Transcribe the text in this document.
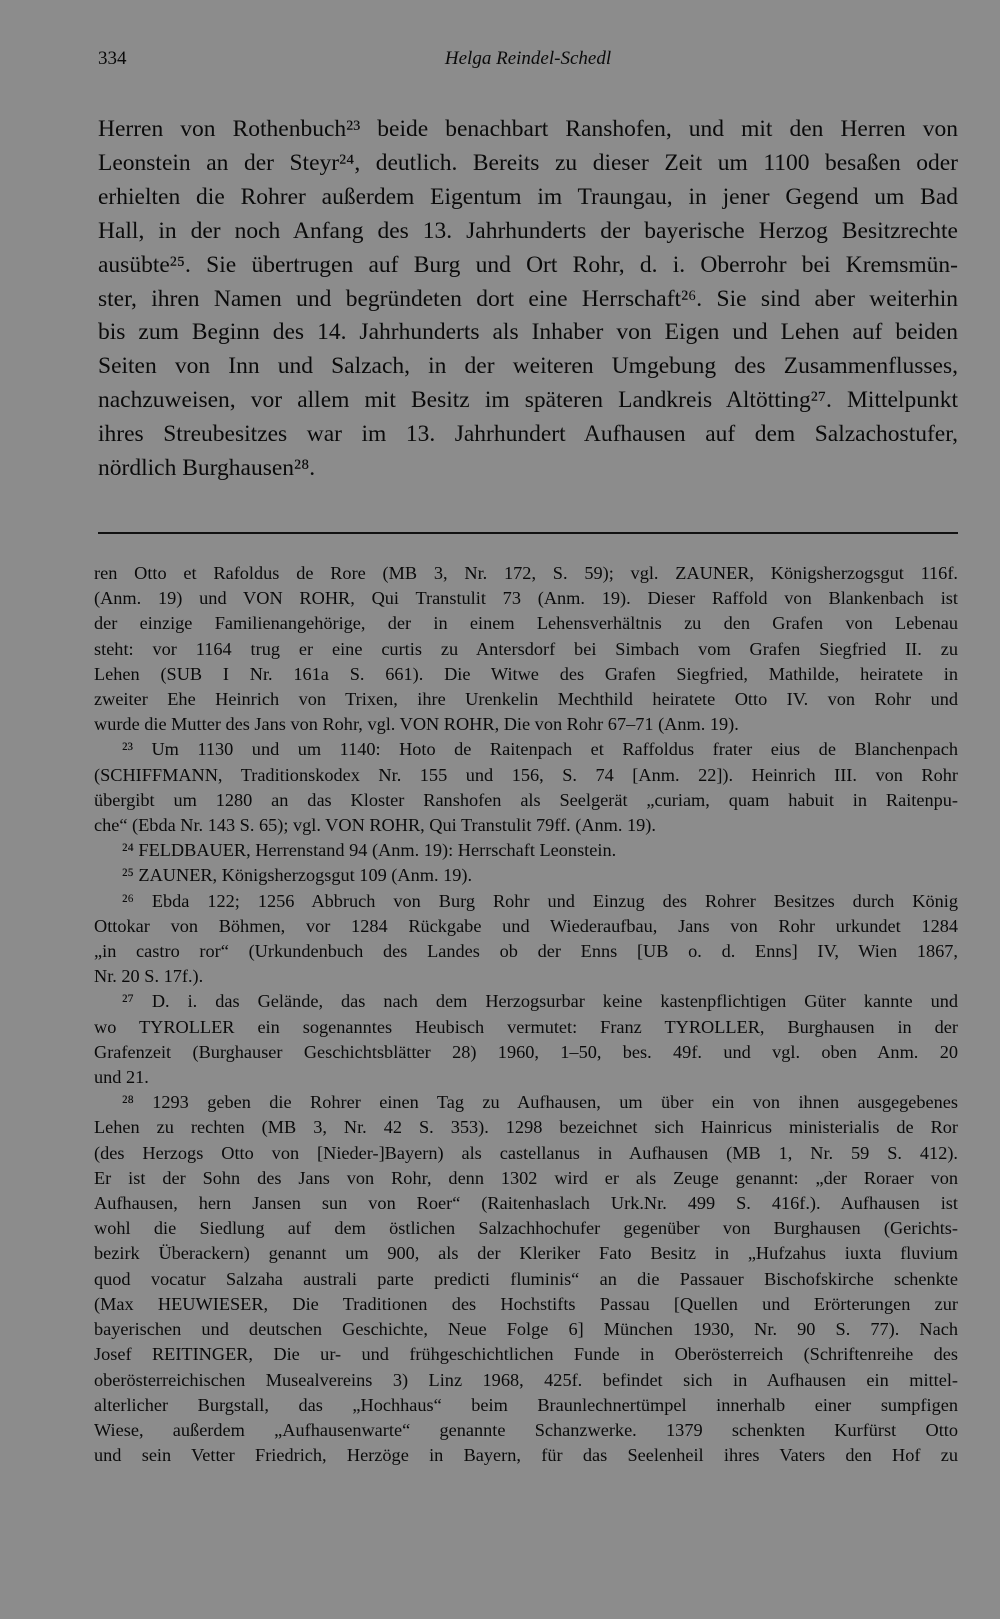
334	Helga Reindel-Schedl
Herren von Rothenbuch²³ beide benachbart Ranshofen, und mit den Herren von
Leonstein an der Steyr²⁴, deutlich. Bereits zu dieser Zeit um 1100 besaßen oder
erhielten die Rohrer außerdem Eigentum im Traungau, in jener Gegend um Bad
Hall, in der noch Anfang des 13. Jahrhunderts der bayerische Herzog Besitzrechte
ausübte²⁵. Sie übertrugen auf Burg und Ort Rohr, d. i. Oberrohr bei Kremsmün-
ster, ihren Namen und begründeten dort eine Herrschaft²⁶. Sie sind aber weiterhin
bis zum Beginn des 14. Jahrhunderts als Inhaber von Eigen und Lehen auf beiden
Seiten von Inn und Salzach, in der weiteren Umgebung des Zusammenflusses,
nachzuweisen, vor allem mit Besitz im späteren Landkreis Altötting²⁷. Mittelpunkt
ihres Streubesitzes war im 13. Jahrhundert Aufhausen auf dem Salzachostufer,
nördlich Burghausen²⁸.
ren Otto et Rafoldus de Rore (MB 3, Nr. 172, S. 59); vgl. ZAUNER, Königsherzogsgut 116f.
(Anm. 19) und VON ROHR, Qui Transtulit 73 (Anm. 19). Dieser Raffold von Blankenbach ist
der einzige Familienangehörige, der in einem Lehensverhältnis zu den Grafen von Lebenau
steht: vor 1164 trug er eine curtis zu Antersdorf bei Simbach vom Grafen Siegfried II. zu
Lehen (SUB I Nr. 161a S. 661). Die Witwe des Grafen Siegfried, Mathilde, heiratete in
zweiter Ehe Heinrich von Trixen, ihre Urenkelin Mechthild heiratete Otto IV. von Rohr und
wurde die Mutter des Jans von Rohr, vgl. VON ROHR, Die von Rohr 67–71 (Anm. 19).
²³ Um 1130 und um 1140: Hoto de Raitenpach et Raffoldus frater eius de Blanchenpach
(SCHIFFMANN, Traditionskodex Nr. 155 und 156, S. 74 [Anm. 22]). Heinrich III. von Rohr
übergibt um 1280 an das Kloster Ranshofen als Seelgerät „curiam, quam habuit in Raitenpu-
che“ (Ebda Nr. 143 S. 65); vgl. VON ROHR, Qui Transtulit 79ff. (Anm. 19).
²⁴ FELDBAUER, Herrenstand 94 (Anm. 19): Herrschaft Leonstein.
²⁵ ZAUNER, Königsherzogsgut 109 (Anm. 19).
²⁶ Ebda 122; 1256 Abbruch von Burg Rohr und Einzug des Rohrer Besitzes durch König
Ottokar von Böhmen, vor 1284 Rückgabe und Wiederaufbau, Jans von Rohr urkundet 1284
„in castro ror“ (Urkundenbuch des Landes ob der Enns [UB o. d. Enns] IV, Wien 1867,
Nr. 20 S. 17f.).
²⁷ D. i. das Gelände, das nach dem Herzogsurbar keine kastenpflichtigen Güter kannte und
wo TYROLLER ein sogenanntes Heubisch vermutet: Franz TYROLLER, Burghausen in der
Grafenzeit (Burghauser Geschichtsblätter 28) 1960, 1–50, bes. 49f. und vgl. oben Anm. 20
und 21.
²⁸ 1293 geben die Rohrer einen Tag zu Aufhausen, um über ein von ihnen ausgegebenes
Lehen zu rechten (MB 3, Nr. 42 S. 353). 1298 bezeichnet sich Hainricus ministerialis de Ror
(des Herzogs Otto von [Nieder-]Bayern) als castellanus in Aufhausen (MB 1, Nr. 59 S. 412).
Er ist der Sohn des Jans von Rohr, denn 1302 wird er als Zeuge genannt: „der Roraer von
Aufhausen, hern Jansen sun von Roer“ (Raitenhaslach Urk.Nr. 499 S. 416f.). Aufhausen ist
wohl die Siedlung auf dem östlichen Salzachhochufer gegenüber von Burghausen (Gerichts-
bezirk Überackern) genannt um 900, als der Kleriker Fato Besitz in „Hufzahus iuxta fluvium
quod vocatur Salzaha australi parte predicti fluminis“ an die Passauer Bischofskirche schenkte
(Max HEUWIESER, Die Traditionen des Hochstifts Passau [Quellen und Erörterungen zur
bayerischen und deutschen Geschichte, Neue Folge 6] München 1930, Nr. 90 S. 77). Nach
Josef REITINGER, Die ur- und frühgeschichtlichen Funde in Oberösterreich (Schriftenreihe des
oberösterreichischen Musealvereins 3) Linz 1968, 425f. befindet sich in Aufhausen ein mittel-
alterlicher Burgstall, das „Hochhaus“ beim Braunlechnertümpel innerhalb einer sumpfigen
Wiese, außerdem „Aufhausenwarte“ genannte Schanzwerke. 1379 schenkten Kurfürst Otto
und sein Vetter Friedrich, Herzöge in Bayern, für das Seelenheil ihres Vaters den Hof zu
